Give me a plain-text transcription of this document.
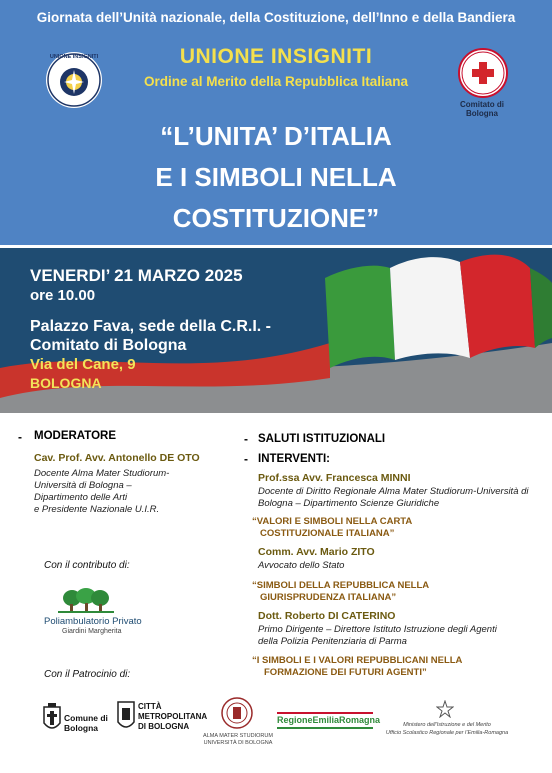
Giornata dell’Unità nazionale, della Costituzione, dell’Inno e della Bandiera
UNIONE INSIGNITI	UNIONE INSIGNITI
Ordine al Merito della Repubblica Italiana
Comitato di Bologna
“L’UNITA’ D’ITALIA
E I SIMBOLI NELLA
COSTITUZIONE”
VENERDI’ 21 MARZO 2025
ore 10.00
Palazzo Fava, sede della C.R.I. -
Comitato di Bologna
Via del Cane, 9
BOLOGNA
- MODERATORE
Cav. Prof. Avv. Antonello DE OTO
Docente Alma Mater Studiorum-
Università di Bologna –
Dipartimento delle Arti
e Presidente Nazionale U.I.R.
Con il contributo di:
Poliambulatorio Privato
Giardini Margherita
Con il Patrocinio di:
- SALUTI ISTITUZIONALI
- INTERVENTI:
Prof.ssa Avv. Francesca MINNI
Docente di Diritto Regionale Alma Mater Studiorum-Università di
Bologna – Dipartimento Scienze Giuridiche
“VALORI E SIMBOLI NELLA CARTA
COSTITUZIONALE ITALIANA”
Comm. Avv. Mario ZITO
Avvocato dello Stato
“SIMBOLI DELLA REPUBBLICA NELLA
GIURISPRUDENZA ITALIANA”
Dott. Roberto DI CATERINO
Primo Dirigente – Direttore Istituto Istruzione degli Agenti
della Polizia Penitenziaria di Parma
“I SIMBOLI E I VALORI REPUBBLICANI NELLA
FORMAZIONE DEI FUTURI AGENTI”
Comune di Bologna
CITTÀ
METROPOLITANA
DI BOLOGNA
ALMA MATER STUDIORUM
UNIVERSITÀ DI BOLOGNA
RegioneEmiliaRomagna	Ministero dell’Istruzione e del Merito
Ufficio Scolastico Regionale per l’Emilia-Romagna
